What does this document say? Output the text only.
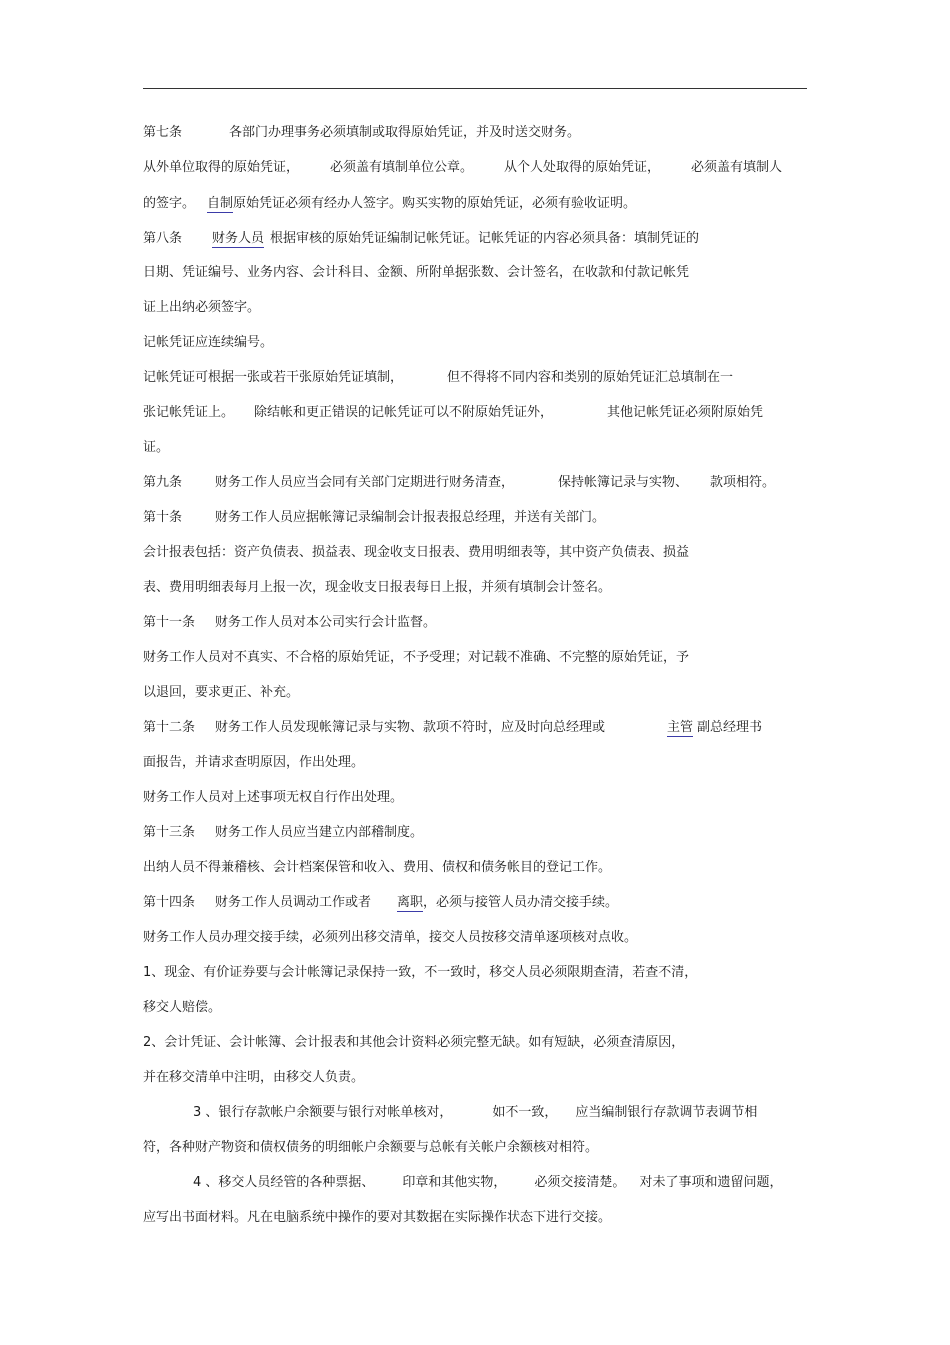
第七条	各部门办理事务必须填制或取得原始凭证，并及时送交财务。
从外单位取得的原始凭证， 必须盖有填制单位公章。 从个人处取得的原始凭证， 必须盖有填制人
的签字。 自制原始凭证必须有经办人签字。购买实物的原始凭证，必须有验收证明。
第八条 财务人员 根据审核的原始凭证编制记帐凭证。记帐凭证的内容必须具备：填制凭证的
日期、凭证编号、业务内容、会计科目、金额、所附单据张数、会计签名，在收款和付款记帐凭
证上出纳必须签字。
记帐凭证应连续编号。
记帐凭证可根据一张或若干张原始凭证填制，	但不得将不同内容和类别的原始凭证汇总填制在一
张记帐凭证上。 除结帐和更正错误的记帐凭证可以不附原始凭证外，	其他记帐凭证必须附原始凭
证。
第九条	财务工作人员应当会同有关部门定期进行财务清查，	保持帐簿记录与实物、 款项相符。
第十条	财务工作人员应据帐簿记录编制会计报表报总经理，并送有关部门。
会计报表包括：资产负债表、损益表、现金收支日报表、费用明细表等，其中资产负债表、损益
表、费用明细表每月上报一次，现金收支日报表每日上报，并须有填制会计签名。
第十一条 财务工作人员对本公司实行会计监督。
财务工作人员对不真实、不合格的原始凭证，不予受理；对记载不准确、不完整的原始凭证，予
以退回，要求更正、补充。
第十二条 财务工作人员发现帐簿记录与实物、款项不符时，应及时向总经理或	主管 副总经理书
面报告，并请求查明原因，作出处理。
财务工作人员对上述事项无权自行作出处理。
第十三条 财务工作人员应当建立内部稽制度。
出纳人员不得兼稽核、会计档案保管和收入、费用、债权和债务帐目的登记工作。
第十四条 财务工作人员调动工作或者 离职，必须与接管人员办清交接手续。
财务工作人员办理交接手续，必须列出移交清单，接交人员按移交清单逐项核对点收。
1、现金、有价证券要与会计帐簿记录保持一致，不一致时，移交人员必须限期查清，若查不清，
移交人赔偿。
2、会计凭证、会计帐簿、会计报表和其他会计资料必须完整无缺。如有短缺，必须查清原因，
并在移交清单中注明，由移交人负责。
3 、银行存款帐户余额要与银行对帐单核对，	如不一致， 应当编制银行存款调节表调节相
符，各种财产物资和债权债务的明细帐户余额要与总帐有关帐户余额核对相符。
4 、移交人员经管的各种票据、 印章和其他实物， 必须交接清楚。 对未了事项和遗留问题，
应写出书面材料。凡在电脑系统中操作的要对其数据在实际操作状态下进行交接。
